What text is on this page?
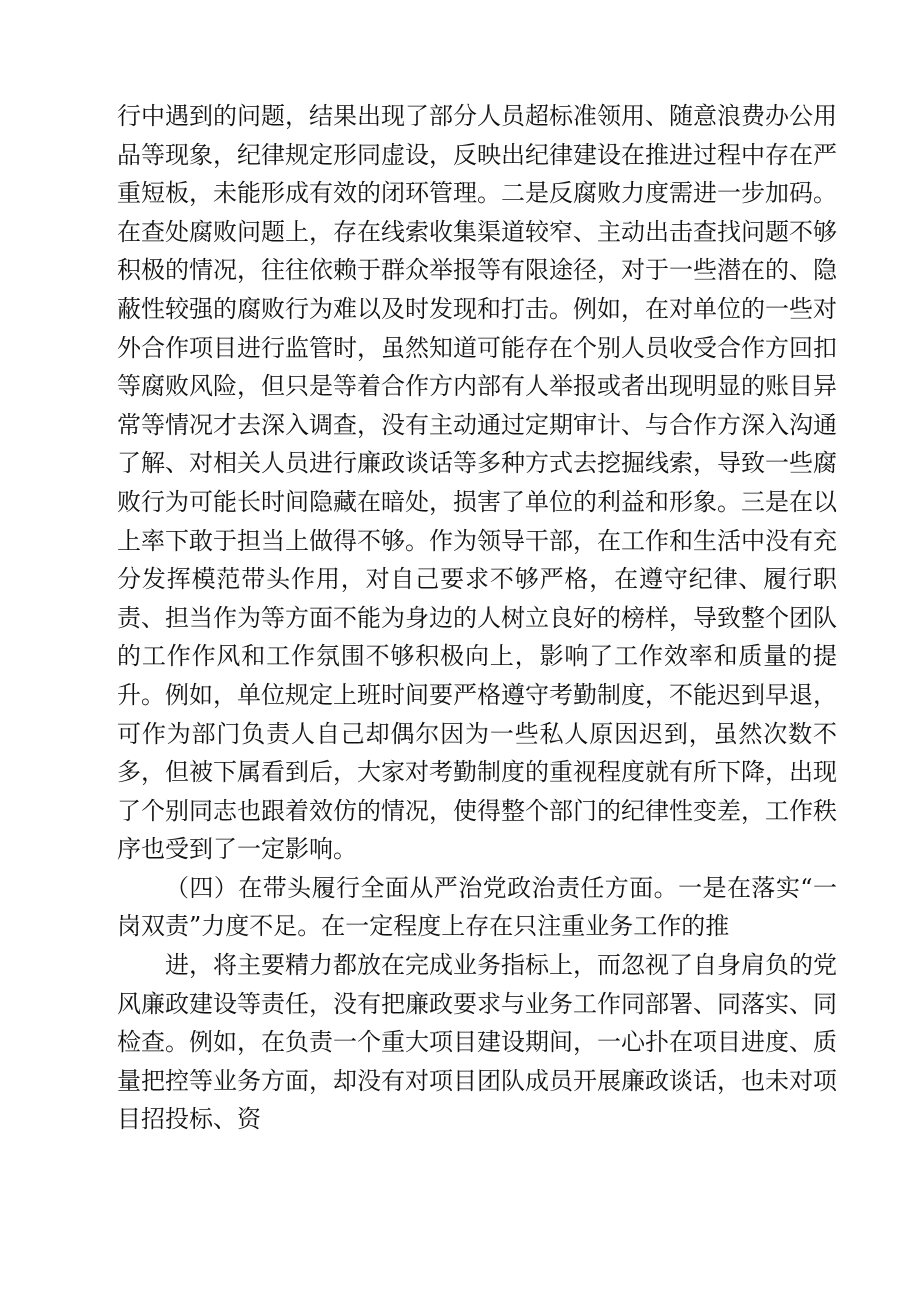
行中遇到的问题，结果出现了部分人员超标准领用、随意浪费办公用品等现象，纪律规定形同虚设，反映出纪律建设在推进过程中存在严重短板，未能形成有效的闭环管理。二是反腐败力度需进一步加码。在查处腐败问题上，存在线索收集渠道较窄、主动出击查找问题不够积极的情况，往往依赖于群众举报等有限途径，对于一些潜在的、隐蔽性较强的腐败行为难以及时发现和打击。例如，在对单位的一些对外合作项目进行监管时，虽然知道可能存在个别人员收受合作方回扣等腐败风险，但只是等着合作方内部有人举报或者出现明显的账目异常等情况才去深入调查，没有主动通过定期审计、与合作方深入沟通了解、对相关人员进行廉政谈话等多种方式去挖掘线索，导致一些腐败行为可能长时间隐藏在暗处，损害了单位的利益和形象。三是在以上率下敢于担当上做得不够。作为领导干部，在工作和生活中没有充分发挥模范带头作用，对自己要求不够严格，在遵守纪律、履行职责、担当作为等方面不能为身边的人树立良好的榜样，导致整个团队的工作作风和工作氛围不够积极向上，影响了工作效率和质量的提升。例如，单位规定上班时间要严格遵守考勤制度，不能迟到早退，可作为部门负责人自己却偶尔因为一些私人原因迟到，虽然次数不多，但被下属看到后，大家对考勤制度的重视程度就有所下降，出现了个别同志也跟着效仿的情况，使得整个部门的纪律性变差，工作秩序也受到了一定影响。

（四）在带头履行全面从严治党政治责任方面。一是在落实“一岗双责”力度不足。在一定程度上存在只注重业务工作的推

进，将主要精力都放在完成业务指标上，而忽视了自身肩负的党风廉政建设等责任，没有把廉政要求与业务工作同部署、同落实、同检查。例如，在负责一个重大项目建设期间，一心扑在项目进度、质量把控等业务方面，却没有对项目团队成员开展廉政谈话，也未对项目招投标、资
